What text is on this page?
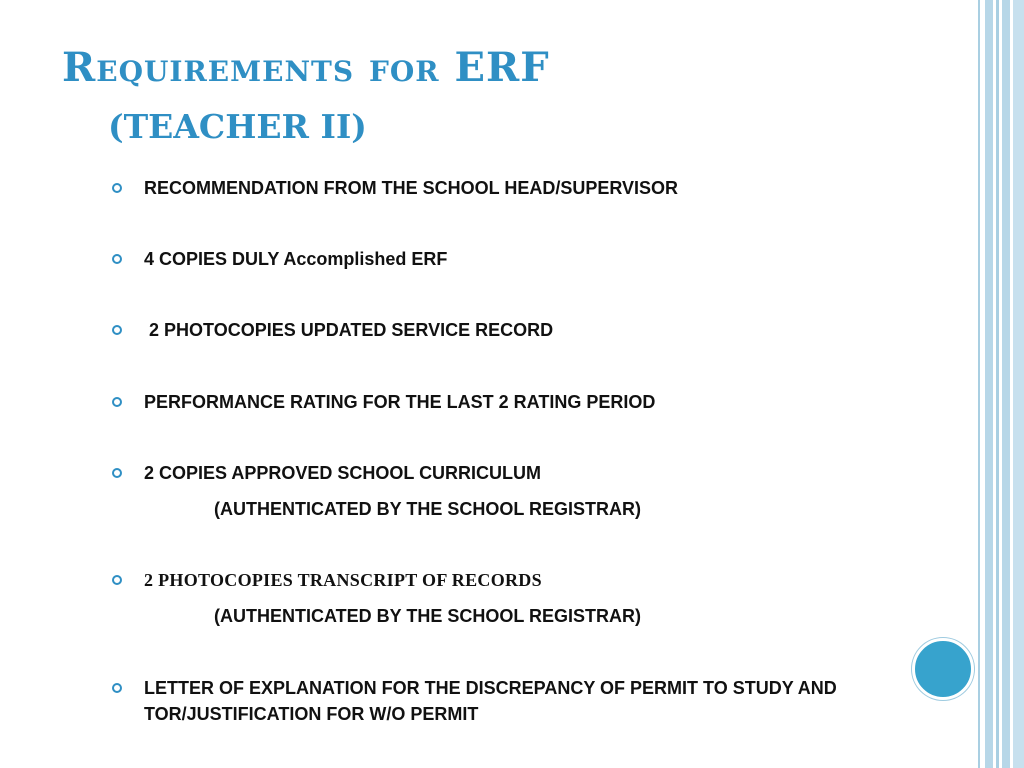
Requirements for ERF
(TEACHER II)
RECOMMENDATION FROM THE SCHOOL HEAD/SUPERVISOR
4 COPIES DULY Accomplished ERF
2 PHOTOCOPIES UPDATED SERVICE RECORD
PERFORMANCE RATING FOR THE LAST 2 RATING PERIOD
2 COPIES APPROVED SCHOOL CURRICULUM
(AUTHENTICATED BY THE SCHOOL REGISTRAR)
2 PHOTOCOPIES TRANSCRIPT OF RECORDS
(AUTHENTICATED BY THE SCHOOL REGISTRAR)
LETTER OF EXPLANATION FOR THE DISCREPANCY OF PERMIT TO STUDY AND TOR/JUSTIFICATION FOR W/O PERMIT
